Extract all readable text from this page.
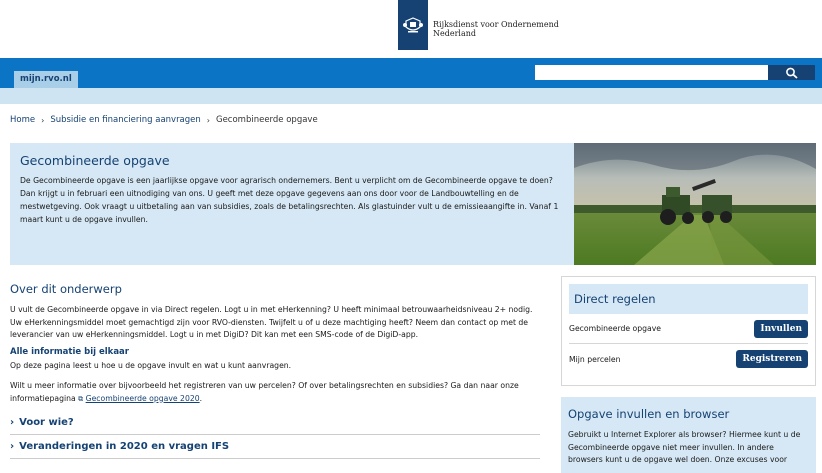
Rijksdienst voor Ondernemend
Nederland
mijn.rvo.nl
Home › Subsidie en financiering aanvragen › Gecombineerde opgave
Gecombineerde opgave

De Gecombineerde opgave is een jaarlijkse opgave voor agrarisch ondernemers. Bent u verplicht om de Gecombineerde opgave te doen? Dan krijgt u in februari een uitnodiging van ons. U geeft met deze opgave gegevens aan ons door voor de Landbouwtelling en de mestwetgeving. Ook vraagt u uitbetaling aan van subsidies, zoals de betalingsrechten. Als glastuinder vult u de emissieaangifte in. Vanaf 1 maart kunt u de opgave invullen.

Over dit onderwerp

U vult de Gecombineerde opgave in via Direct regelen. Logt u in met eHerkenning? U heeft minimaal betrouwaarheidsniveau 2+ nodig. Uw eHerkenningsmiddel moet gemachtigd zijn voor RVO-diensten. Twijfelt u of u deze machtiging heeft? Neem dan contact op met de leverancier van uw eHerkenningsmiddel. Logt u in met DigiD? Dit kan met een SMS-code of de DigiD-app.

Alle informatie bij elkaar

Op deze pagina leest u hoe u de opgave invult en wat u kunt aanvragen.

Wilt u meer informatie over bijvoorbeeld het registreren van uw percelen? Of over betalingsrechten en subsidies? Ga dan naar onze informatiepagina ⧉ Gecombineerde opgave 2020.

› Voor wie?
› Veranderingen in 2020 en vragen IFS
Direct regelen
Gecombineerde opgave	Invullen
Mijn percelen	Registreren
Opgave invullen en browser

Gebruikt u Internet Explorer als browser? Hiermee kunt u de Gecombineerde opgave niet meer invullen. In andere browsers kunt u de opgave wel doen. Onze excuses voor
